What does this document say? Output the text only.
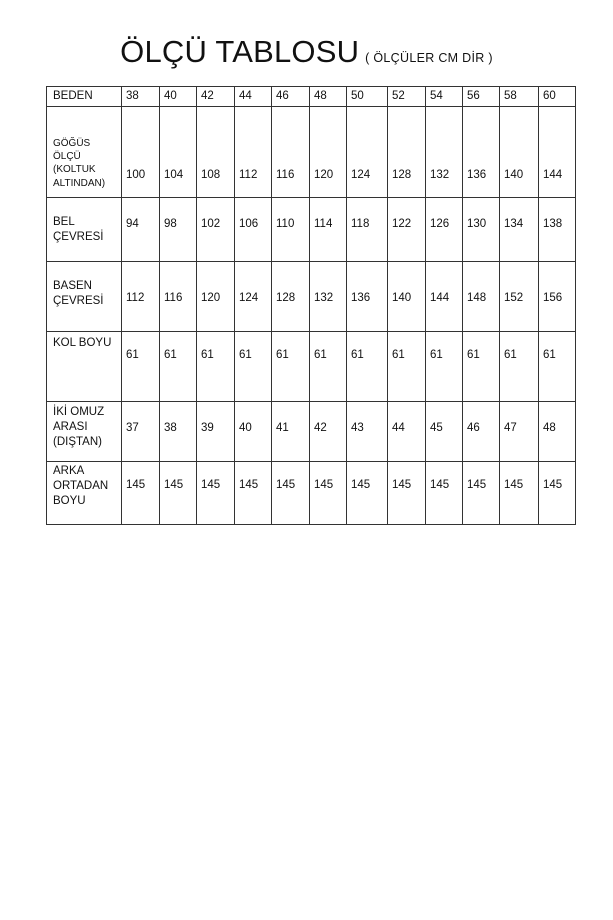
ÖLÇÜ TABLOSU ( ÖLÇÜLER CM DİR )
BEDEN	38	40	42	44	46	48	50	52	54	56	58	60
GÖĞÜS
ÖLÇÜ
(KOLTUK
ALTINDAN)	100	104	108	112	116	120	124	128	132	136	140	144
BEL
ÇEVRESİ	94	98	102	106	110	114	118	122	126	130	134	138
BASEN
ÇEVRESİ	112	116	120	124	128	132	136	140	144	148	152	156
KOL BOYU	61	61	61	61	61	61	61	61	61	61	61	61
İKİ OMUZ
ARASI
(DIŞTAN)	37	38	39	40	41	42	43	44	45	46	47	48
ARKA
ORTADAN
BOYU	145	145	145	145	145	145	145	145	145	145	145	145
